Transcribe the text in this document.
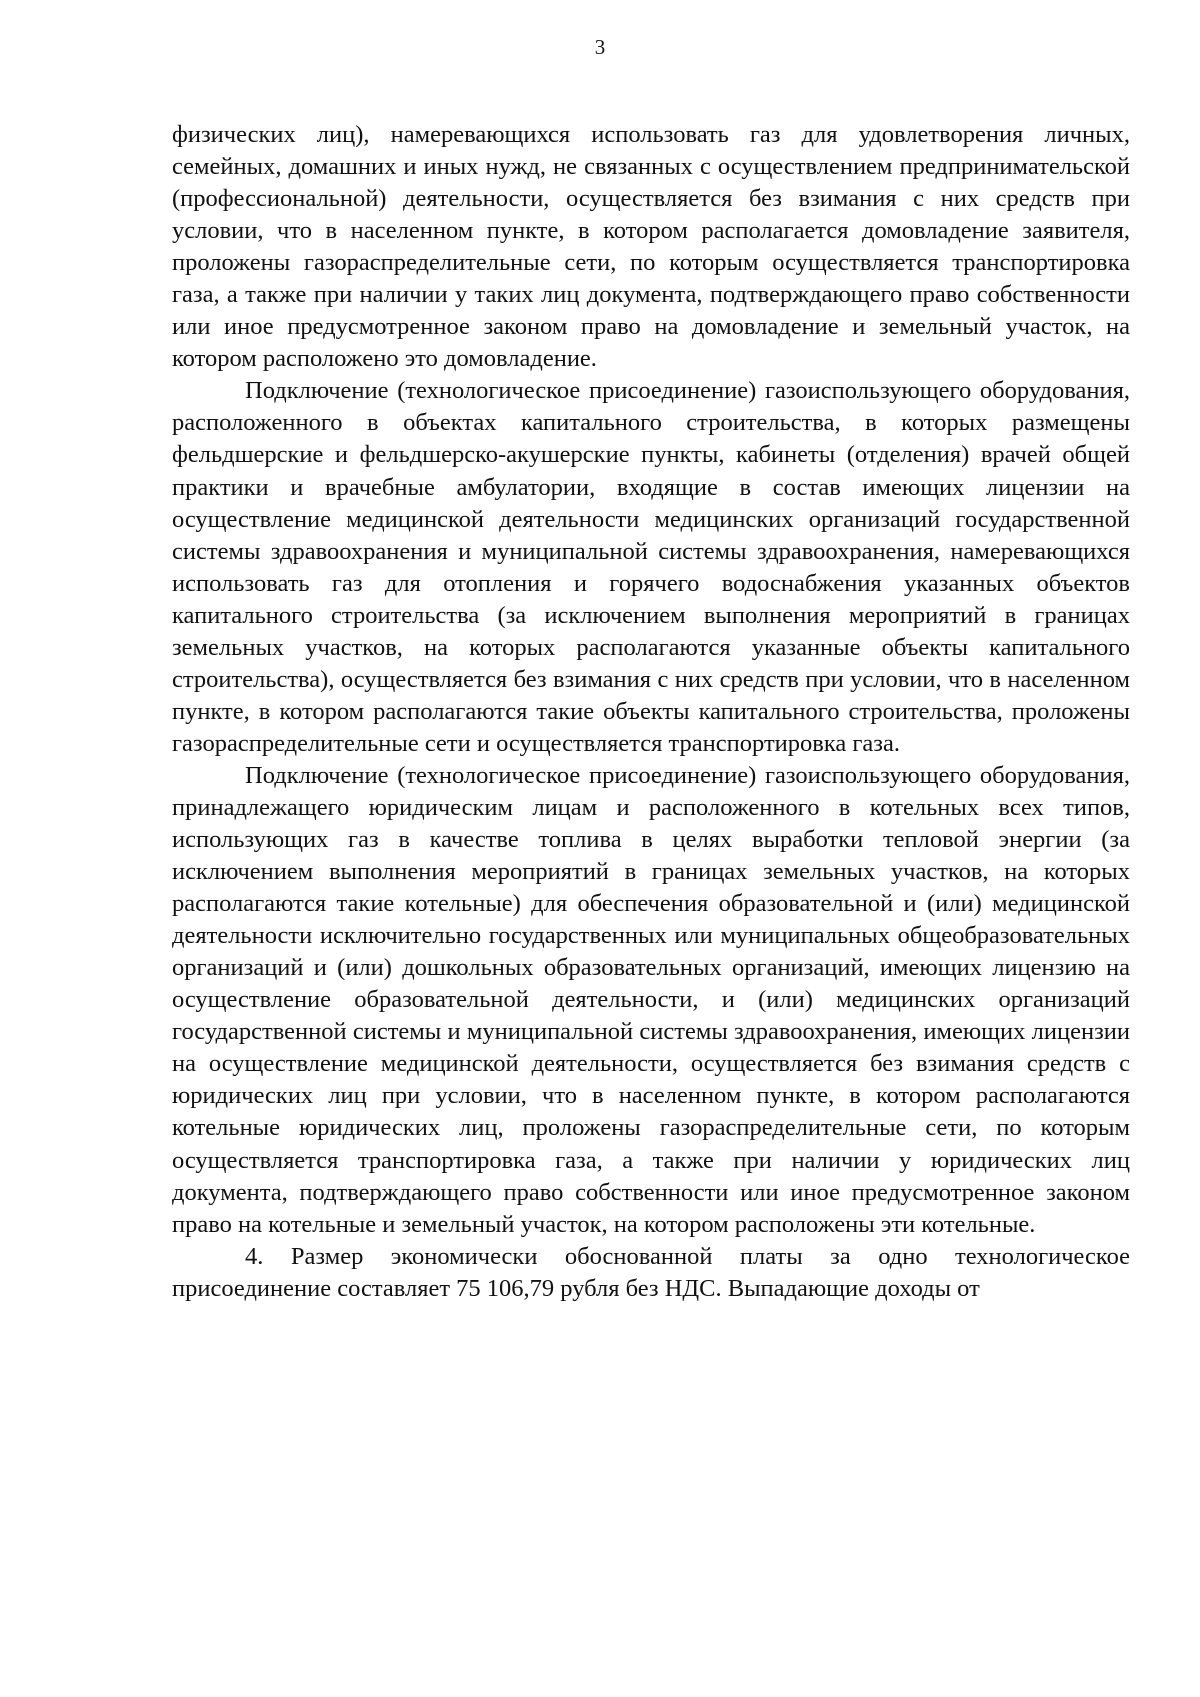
3

физических лиц), намеревающихся использовать газ для удовлетворения личных, семейных, домашних и иных нужд, не связанных с осуществлением предпринимательской (профессиональной) деятельности, осуществляется без взимания с них средств при условии, что в населенном пункте, в котором располагается домовладение заявителя, проложены газораспределительные сети, по которым осуществляется транспортировка газа, а также при наличии у таких лиц документа, подтверждающего право собственности или иное предусмотренное законом право на домовладение и земельный участок, на котором расположено это домовладение.

Подключение (технологическое присоединение) газоиспользующего оборудования, расположенного в объектах капитального строительства, в которых размещены фельдшерские и фельдшерско-акушерские пункты, кабинеты (отделения) врачей общей практики и врачебные амбулатории, входящие в состав имеющих лицензии на осуществление медицинской деятельности медицинских организаций государственной системы здравоохранения и муниципальной системы здравоохранения, намеревающихся использовать газ для отопления и горячего водоснабжения указанных объектов капитального строительства (за исключением выполнения мероприятий в границах земельных участков, на которых располагаются указанные объекты капитального строительства), осуществляется без взимания с них средств при условии, что в населенном пункте, в котором располагаются такие объекты капитального строительства, проложены газораспределительные сети и осуществляется транспортировка газа.

Подключение (технологическое присоединение) газоиспользующего оборудования, принадлежащего юридическим лицам и расположенного в котельных всех типов, использующих газ в качестве топлива в целях выработки тепловой энергии (за исключением выполнения мероприятий в границах земельных участков, на которых располагаются такие котельные) для обеспечения образовательной и (или) медицинской деятельности исключительно государственных или муниципальных общеобразовательных организаций и (или) дошкольных образовательных организаций, имеющих лицензию на осуществление образовательной деятельности, и (или) медицинских организаций государственной системы и муниципальной системы здравоохранения, имеющих лицензии на осуществление медицинской деятельности, осуществляется без взимания средств с юридических лиц при условии, что в населенном пункте, в котором располагаются котельные юридических лиц, проложены газораспределительные сети, по которым осуществляется транспортировка газа, а также при наличии у юридических лиц документа, подтверждающего право собственности или иное предусмотренное законом право на котельные и земельный участок, на котором расположены эти котельные.

4. Размер экономически обоснованной платы за одно технологическое присоединение составляет 75 106,79 рубля без НДС. Выпадающие доходы от
